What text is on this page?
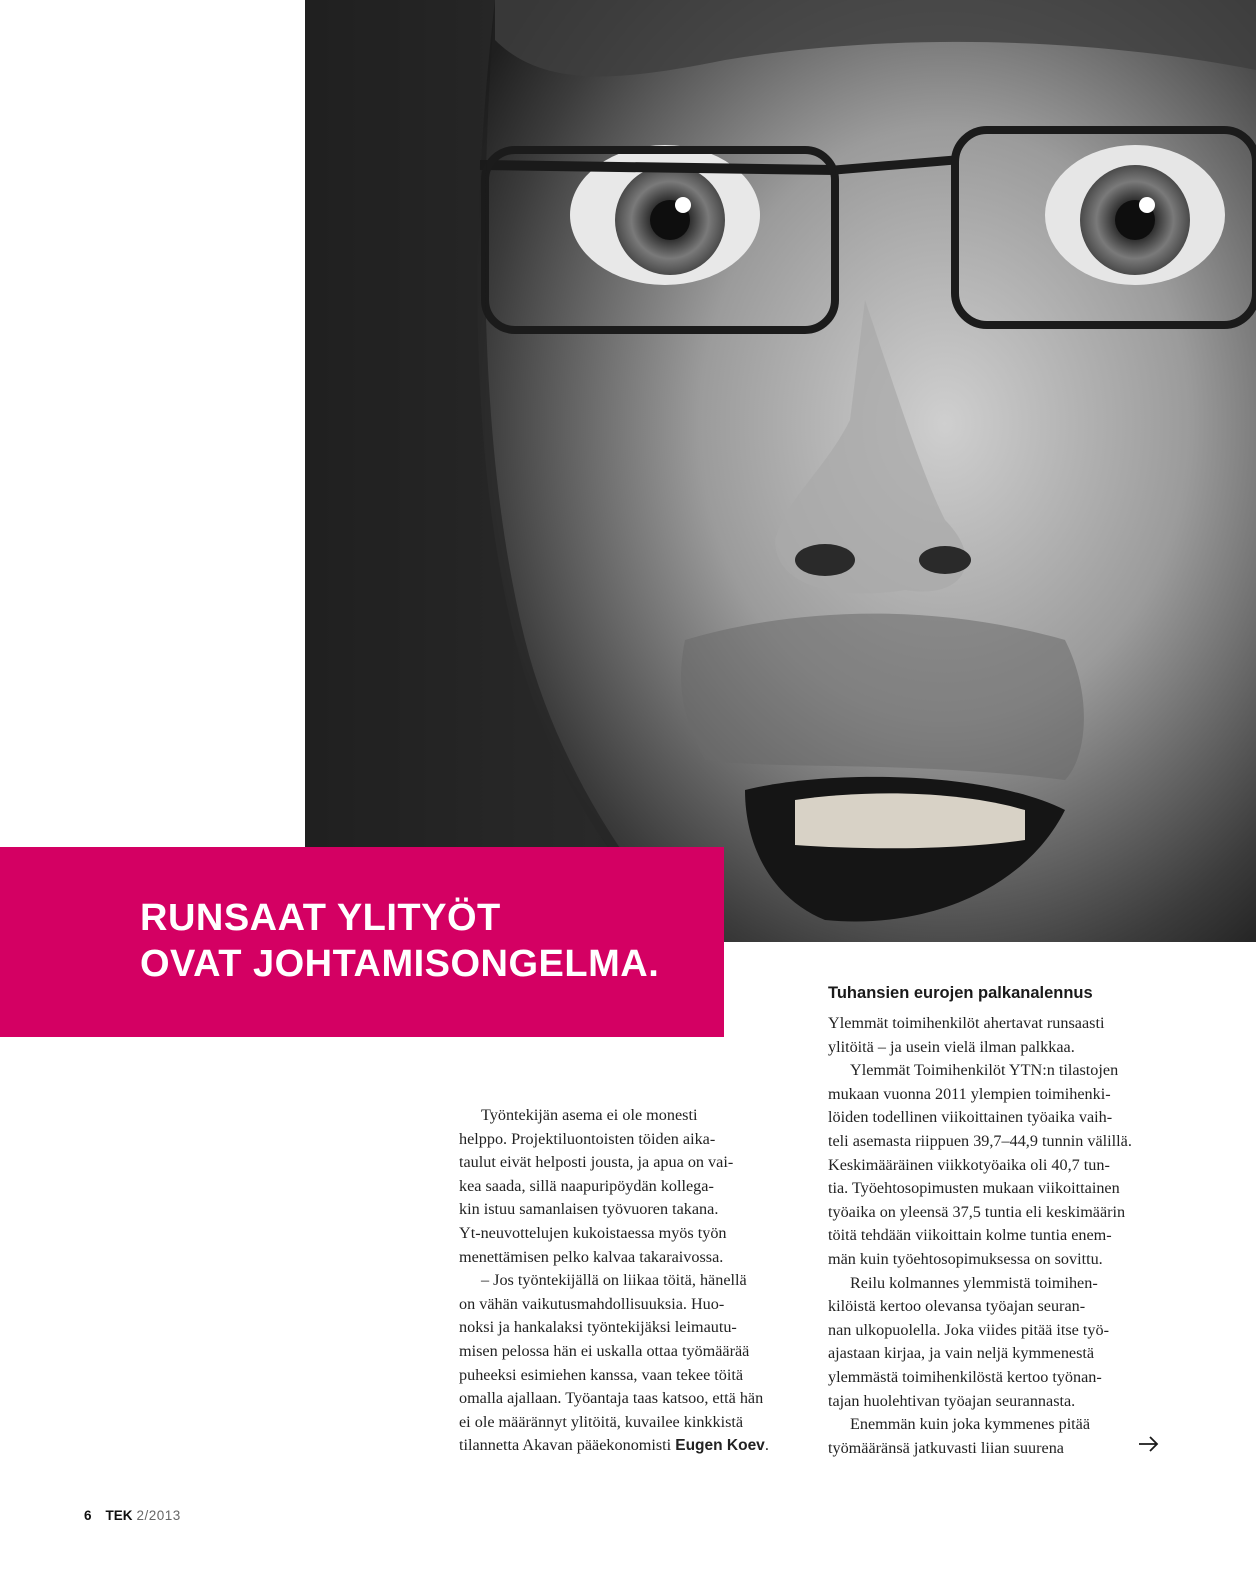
RUNSAAT YLITYÖT
OVAT JOHTAMISONGELMA.

Työntekijän asema ei ole monesti
helppo. Projektiluontoisten töiden aika-
taulut eivät helposti jousta, ja apua on vai-
kea saada, sillä naapuripöydän kollega-
kin istuu samanlaisen työvuoren takana.
Yt-neuvottelujen kukoistaessa myös työn
menettämisen pelko kalvaa takaraivossa.

– Jos työntekijällä on liikaa töitä, hänellä
on vähän vaikutusmahdollisuuksia. Huo-
noksi ja hankalaksi työntekijäksi leimautu-
misen pelossa hän ei uskalla ottaa työmäärää
puheeksi esimiehen kanssa, vaan tekee töitä
omalla ajallaan. Työantaja taas katsoo, että hän
ei ole määrännyt ylitöitä, kuvailee kinkkistä
tilannetta Akavan pääekonomisti Eugen Koev.

Tuhansien eurojen palkanalennus

Ylemmät toimihenkilöt ahertavat runsaasti
ylitöitä – ja usein vielä ilman palkkaa.

Ylemmät Toimihenkilöt YTN:n tilastojen
mukaan vuonna 2011 ylempien toimihenki-
löiden todellinen viikoittainen työaika vaih-
teli asemasta riippuen 39,7–44,9 tunnin välillä.
Keskimääräinen viikkotyöaika oli 40,7 tun-
tia. Työehtosopimusten mukaan viikoittainen
työaika on yleensä 37,5 tuntia eli keskimäärin
töitä tehdään viikoittain kolme tuntia enem-
män kuin työehtosopimuksessa on sovittu.

Reilu kolmannes ylemmistä toimihen-
kilöistä kertoo olevansa työajan seuran-
nan ulkopuolella. Joka viides pitää itse työ-
ajastaan kirjaa, ja vain neljä kymmenestä
ylemmästä toimihenkilöstä kertoo työnan-
tajan huolehtivan työajan seurannasta.

Enemmän kuin joka kymmenes pitää
työmääränsä jatkuvasti liian suurena

6 TEK 2/2013
